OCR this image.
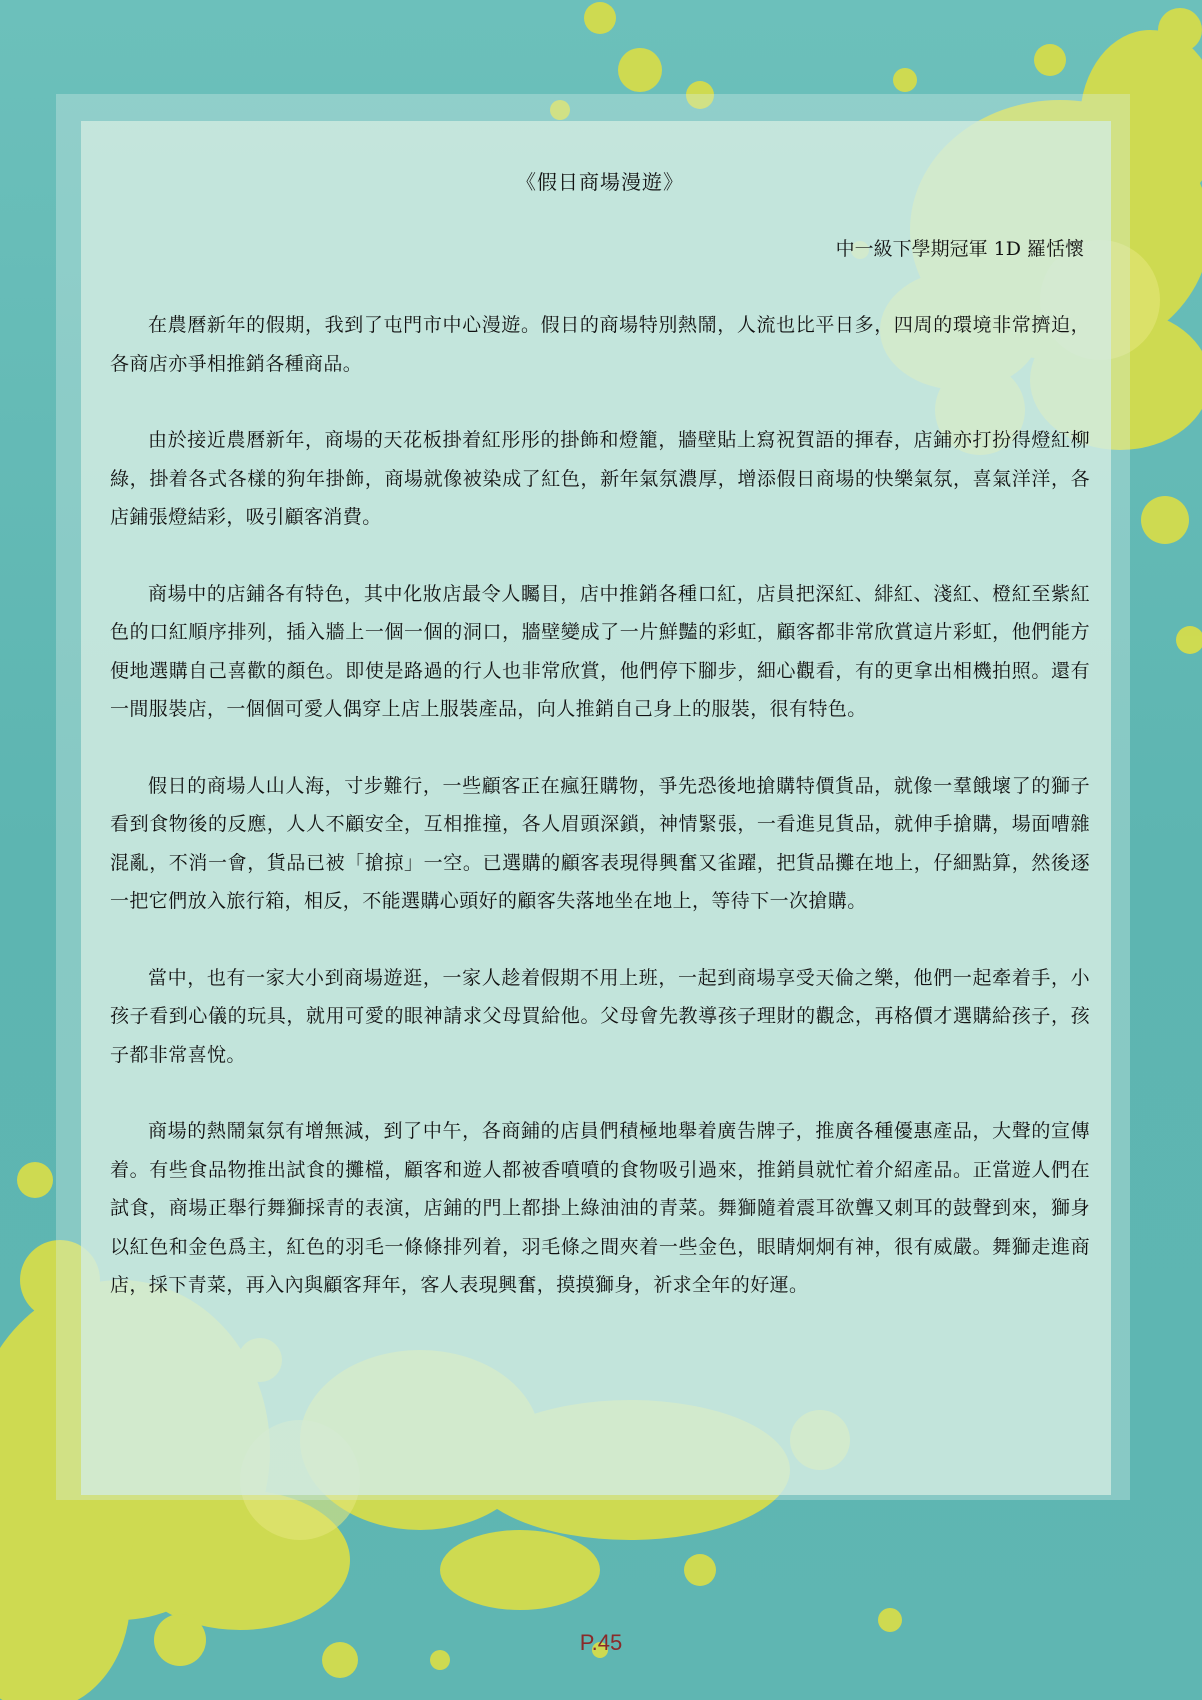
《假日商場漫遊》
中一級下學期冠軍 1D 羅恬懷

在農曆新年的假期，我到了屯門市中心漫遊。假日的商場特別熱鬧，人流也比平日多，四周的環境非常擠迫，各商店亦爭相推銷各種商品。

由於接近農曆新年，商場的天花板掛着紅彤彤的掛飾和燈籠，牆壁貼上寫祝賀語的揮春，店鋪亦打扮得燈紅柳綠，掛着各式各樣的狗年掛飾，商場就像被染成了紅色，新年氣氛濃厚，增添假日商場的快樂氣氛，喜氣洋洋，各店鋪張燈結彩，吸引顧客消費。

商場中的店鋪各有特色，其中化妝店最令人矚目，店中推銷各種口紅，店員把深紅、緋紅、淺紅、橙紅至紫紅色的口紅順序排列，插入牆上一個一個的洞口，牆壁變成了一片鮮豔的彩虹，顧客都非常欣賞這片彩虹，他們能方便地選購自己喜歡的顏色。即使是路過的行人也非常欣賞，他們停下腳步，細心觀看，有的更拿出相機拍照。還有一間服裝店，一個個可愛人偶穿上店上服裝產品，向人推銷自己身上的服裝，很有特色。

假日的商場人山人海，寸步難行，一些顧客正在瘋狂購物，爭先恐後地搶購特價貨品，就像一羣餓壞了的獅子看到食物後的反應，人人不顧安全，互相推撞，各人眉頭深鎖，神情緊張，一看進見貨品，就伸手搶購，場面嘈雜混亂，不消一會，貨品已被「搶掠」一空。已選購的顧客表現得興奮又雀躍，把貨品攤在地上，仔細點算，然後逐一把它們放入旅行箱，相反，不能選購心頭好的顧客失落地坐在地上，等待下一次搶購。

當中，也有一家大小到商場遊逛，一家人趁着假期不用上班，一起到商場享受天倫之樂，他們一起牽着手，小孩子看到心儀的玩具，就用可愛的眼神請求父母買給他。父母會先教導孩子理財的觀念，再格價才選購給孩子，孩子都非常喜悅。

商場的熱鬧氣氛有增無減，到了中午，各商鋪的店員們積極地舉着廣告牌子，推廣各種優惠產品，大聲的宣傳着。有些食品物推出試食的攤檔，顧客和遊人都被香噴噴的食物吸引過來，推銷員就忙着介紹產品。正當遊人們在試食，商場正舉行舞獅採青的表演，店鋪的門上都掛上綠油油的青菜。舞獅隨着震耳欲聾又刺耳的鼓聲到來，獅身以紅色和金色爲主，紅色的羽毛一條條排列着，羽毛條之間夾着一些金色，眼睛炯炯有神，很有威嚴。舞獅走進商店，採下青菜，再入內與顧客拜年，客人表現興奮，摸摸獅身，祈求全年的好運。

P.45
